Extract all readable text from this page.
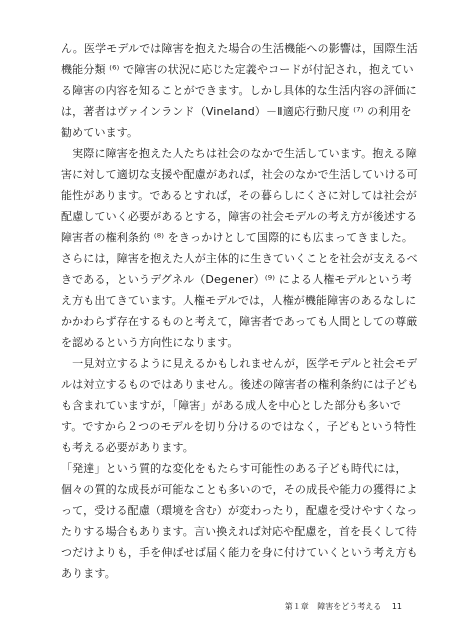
ん。医学モデルでは障害を抱えた場合の生活機能への影響は，国際生活
機能分類 ⁽⁶⁾ で障害の状況に応じた定義やコードが付記され，抱えてい
る障害の内容を知ることができます。しかし具体的な生活内容の評価に
は，著者はヴァインランド（Vineland）－Ⅱ適応行動尺度 ⁽⁷⁾ の利用を
勧めています。
　実際に障害を抱えた人たちは社会のなかで生活しています。抱える障
害に対して適切な支援や配慮があれば，社会のなかで生活していける可
能性があります。であるとすれば，その暮らしにくさに対しては社会が
配慮していく必要があるとする，障害の社会モデルの考え方が後述する
障害者の権利条約 ⁽⁸⁾ をきっかけとして国際的にも広まってきました。
さらには，障害を抱えた人が主体的に生きていくことを社会が支えるべ
きである，というデグネル（Degener）⁽⁹⁾ による人権モデルという考
え方も出てきています。人権モデルでは，人権が機能障害のあるなしに
かかわらず存在するものと考えて，障害者であっても人間としての尊厳
を認めるという方向性になります。
　一見対立するように見えるかもしれませんが，医学モデルと社会モデ
ルは対立するものではありません。後述の障害者の権利条約には子ども
も含まれていますが，「障害」がある成人を中心とした部分も多いで
す。ですから２つのモデルを切り分けるのではなく，子どもという特性
も考える必要があります。
「発達」という質的な変化をもたらす可能性のある子ども時代には，
個々の質的な成長が可能なことも多いので，その成長や能力の獲得によ
って，受ける配慮（環境を含む）が変わったり，配慮を受けやすくなっ
たりする場合もあります。言い換えれば対応や配慮を，首を長くして待
つだけよりも，手を伸ばせば届く能力を身に付けていくという考え方も
あります。
第１章 障害をどう考える 11
